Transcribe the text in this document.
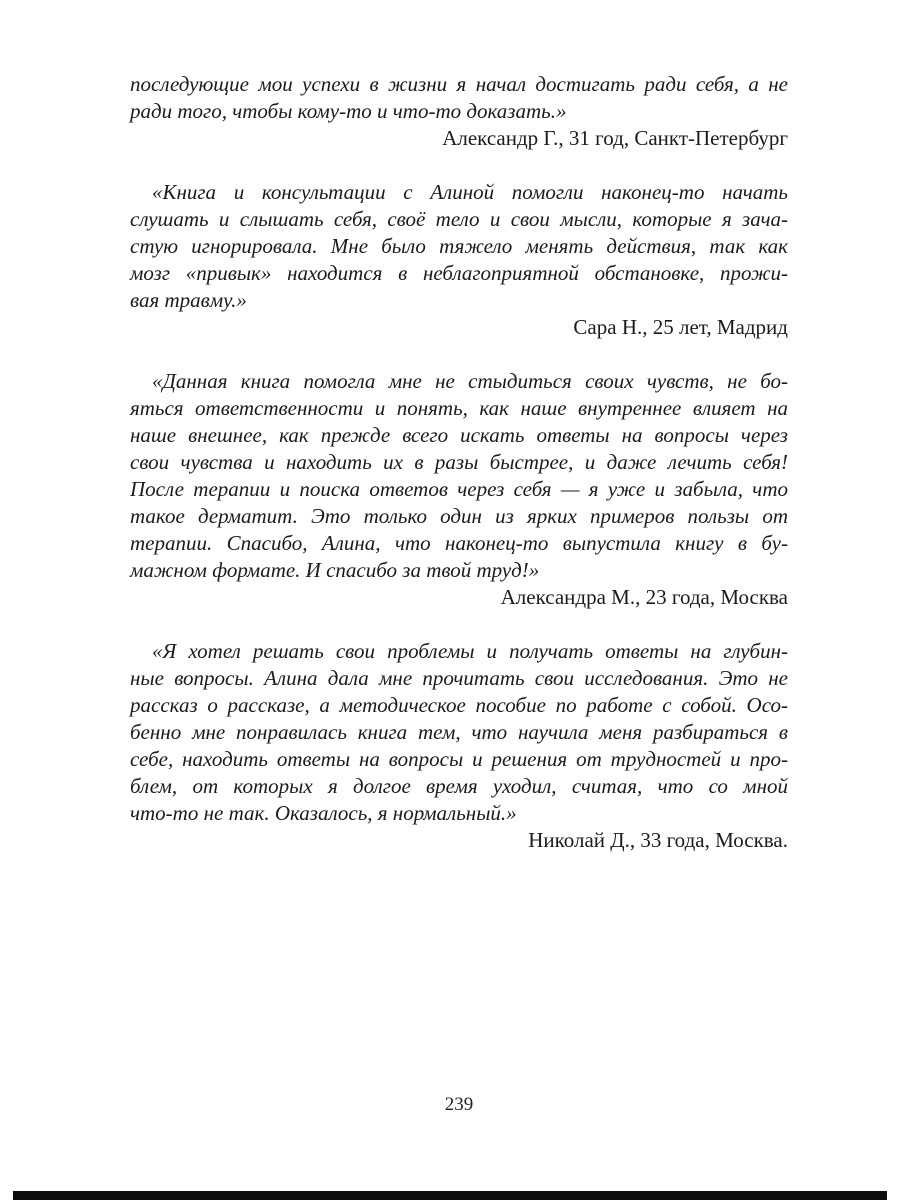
последующие мои успехи в жизни я начал достигать ради себя, а не
ради того, чтобы кому-то и что-то доказать.»
Александр Г., 31 год, Санкт-Петербург
«Книга и консультации с Алиной помогли наконец-то начать
слушать и слышать себя, своё тело и свои мысли, которые я зача-
стую игнорировала. Мне было тяжело менять действия, так как
мозг «привык» находится в неблагоприятной обстановке, прожи-
вая травму.»
Сара Н., 25 лет, Мадрид
«Данная книга помогла мне не стыдиться своих чувств, не бо-
яться ответственности и понять, как наше внутреннее влияет на
наше внешнее, как прежде всего искать ответы на вопросы через
свои чувства и находить их в разы быстрее, и даже лечить себя!
После терапии и поиска ответов через себя — я уже и забыла, что
такое дерматит. Это только один из ярких примеров пользы от
терапии. Спасибо, Алина, что наконец-то выпустила книгу в бу-
мажном формате. И спасибо за твой труд!»
Александра М., 23 года, Москва
«Я хотел решать свои проблемы и получать ответы на глубин-
ные вопросы. Алина дала мне прочитать свои исследования. Это не
рассказ о рассказе, а методическое пособие по работе с собой. Осо-
бенно мне понравилась книга тем, что научила меня разбираться в
себе, находить ответы на вопросы и решения от трудностей и про-
блем, от которых я долгое время уходил, считая, что со мной
что-то не так. Оказалось, я нормальный.»
Николай Д., 33 года, Москва.
239
